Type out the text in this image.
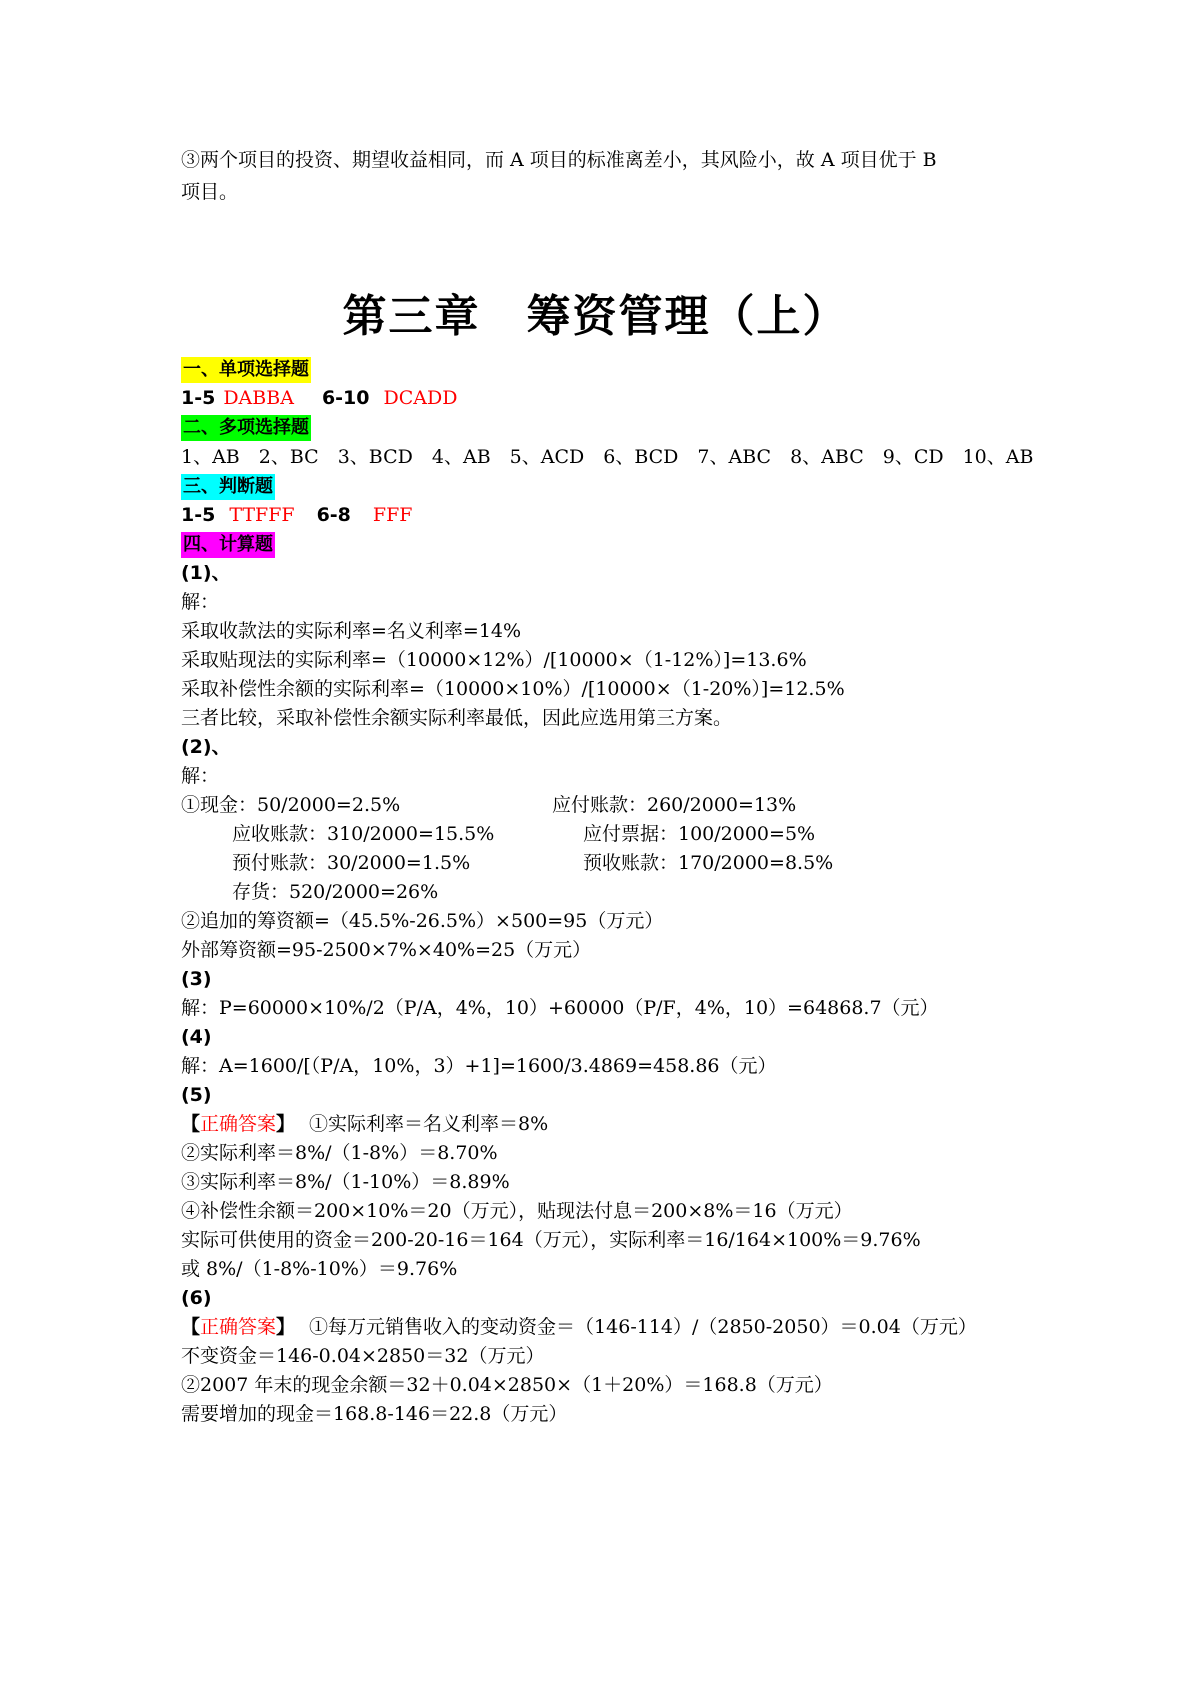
③两个项目的投资、期望收益相同，而 A 项目的标准离差小，其风险小，故 A 项目优于 B
项目。
第三章　筹资管理（上）
一、单项选择题
1-5 DABBA 6-10 DCADD
二、多项选择题
1、AB　2、BC　3、BCD　4、AB　5、ACD　6、BCD　7、ABC　8、ABC　9、CD　10、AB
三、判断题
1-5 TTFFF 6-8 FFF
四、计算题
(1)、
解：
采取收款法的实际利率=名义利率=14%
采取贴现法的实际利率=（10000×12%）/[10000×（1-12%）]=13.6%
采取补偿性余额的实际利率=（10000×10%）/[10000×（1-20%）]=12.5%
三者比较，采取补偿性余额实际利率最低，因此应选用第三方案。
(2)、
解：
①现金：50/2000=2.5%	应付账款：260/2000=13%
应收账款：310/2000=15.5%	应付票据：100/2000=5%
预付账款：30/2000=1.5%	预收账款：170/2000=8.5%
存货：520/2000=26%
②追加的筹资额=（45.5%-26.5%）×500=95（万元）
外部筹资额=95-2500×7%×40%=25（万元）
(3)
解：P=60000×10%/2（P/A，4%，10）+60000（P/F，4%，10）=64868.7（元）
(4)
解：A=1600/[（P/A，10%，3）+1]=1600/3.4869=458.86（元）
(5)
【正确答案】 ①实际利率＝名义利率＝8%
②实际利率＝8%/（1-8%）＝8.70%
③实际利率＝8%/（1-10%）＝8.89%
④补偿性余额＝200×10%＝20（万元），贴现法付息＝200×8%＝16（万元）
实际可供使用的资金＝200-20-16＝164（万元），实际利率＝16/164×100%＝9.76%
或 8%/（1-8%-10%）＝9.76%
(6)
【正确答案】 ①每万元销售收入的变动资金＝（146-114）/（2850-2050）＝0.04（万元）
不变资金＝146-0.04×2850＝32（万元）
②2007 年末的现金余额＝32＋0.04×2850×（1＋20%）＝168.8（万元）
需要增加的现金＝168.8-146＝22.8（万元）
